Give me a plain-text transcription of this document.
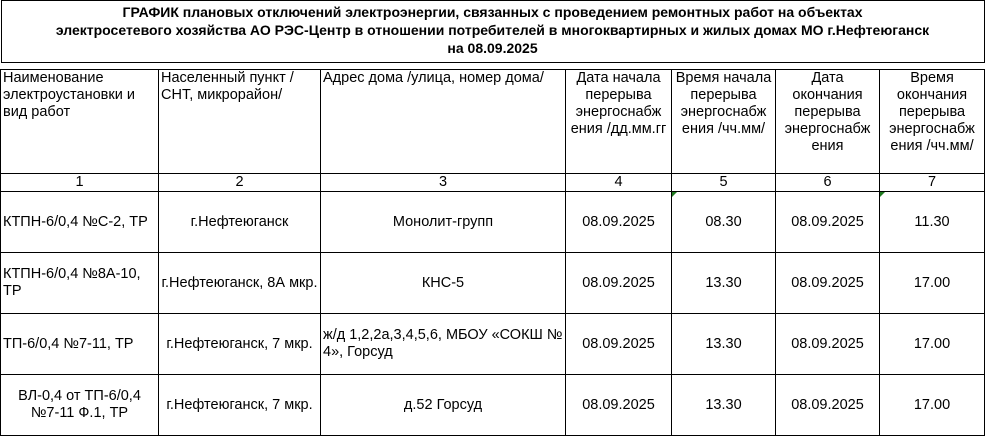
ГРАФИК плановых отключений электроэнергии, связанных с проведением ремонтных работ на объектах
электросетевого хозяйства АО РЭС-Центр в отношении потребителей в многоквартирных и жилых домах МО г.Нефтеюганск
на 08.09.2025						

Наименование электроустановки и вид работ	Населенный пункт /СНТ, микрорайон/	Адрес дома /улица, номер дома/	Дата начала перерыва энергоснабж ения /дд.мм.гг	Время начала перерыва энергоснабж ения /чч.мм/	Дата окончания перерыва энергоснабж ения	Время окончания перерыва энергоснабж ения /чч.мм/
1	2	3	4	5	6	7
КТПН-6/0,4 №С-2, ТР	г.Нефтеюганск	Монолит-групп	08.09.2025	08.30	08.09.2025	11.30
КТПН-6/0,4 №8А-10, ТР	г.Нефтеюганск, 8А мкр.	КНС-5	08.09.2025	13.30	08.09.2025	17.00
ТП-6/0,4 №7-11, ТР	г.Нефтеюганск, 7 мкр.	ж/д 1,2,2а,3,4,5,6, МБОУ «СОКШ № 4», Горсуд	08.09.2025	13.30	08.09.2025	17.00
ВЛ-0,4 от ТП-6/0,4 №7-11 Ф.1, ТР	г.Нефтеюганск, 7 мкр.	д.52 Горсуд	08.09.2025	13.30	08.09.2025	17.00
